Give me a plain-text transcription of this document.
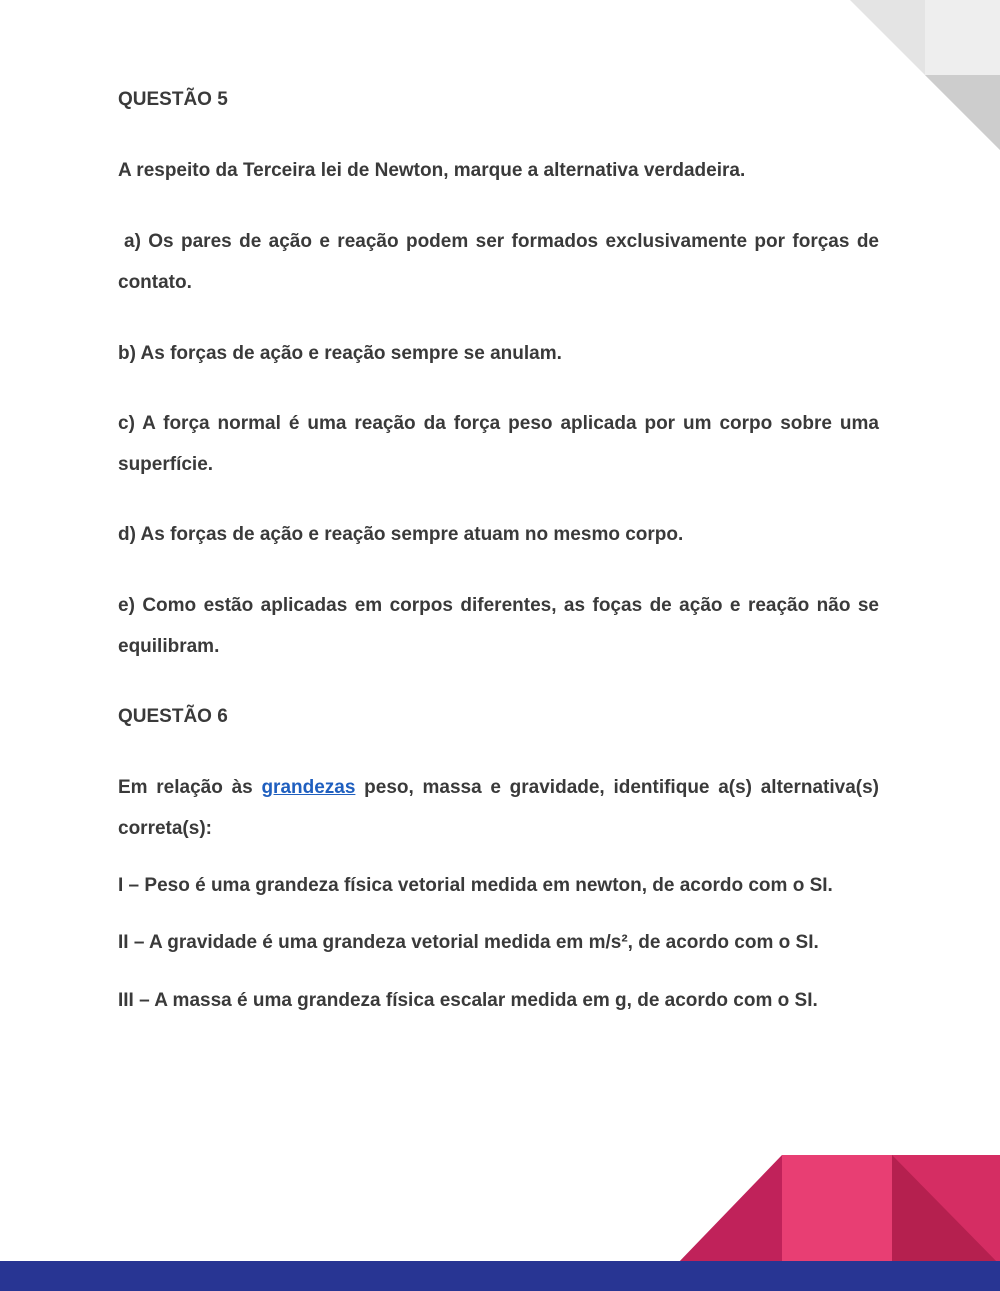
QUESTÃO 5

A respeito da Terceira lei de Newton, marque a alternativa verdadeira.

a) Os pares de ação e reação podem ser formados exclusivamente por forças de contato.

b) As forças de ação e reação sempre se anulam.

c) A força normal é uma reação da força peso aplicada por um corpo sobre uma superfície.

d) As forças de ação e reação sempre atuam no mesmo corpo.

e) Como estão aplicadas em corpos diferentes, as foças de ação e reação não se equilibram.

QUESTÃO 6

Em relação às grandezas peso, massa e gravidade, identifique a(s) alternativa(s) correta(s):

I – Peso é uma grandeza física vetorial medida em newton, de acordo com o SI.

II – A gravidade é uma grandeza vetorial medida em m/s², de acordo com o SI.

III – A massa é uma grandeza física escalar medida em g, de acordo com o SI.
